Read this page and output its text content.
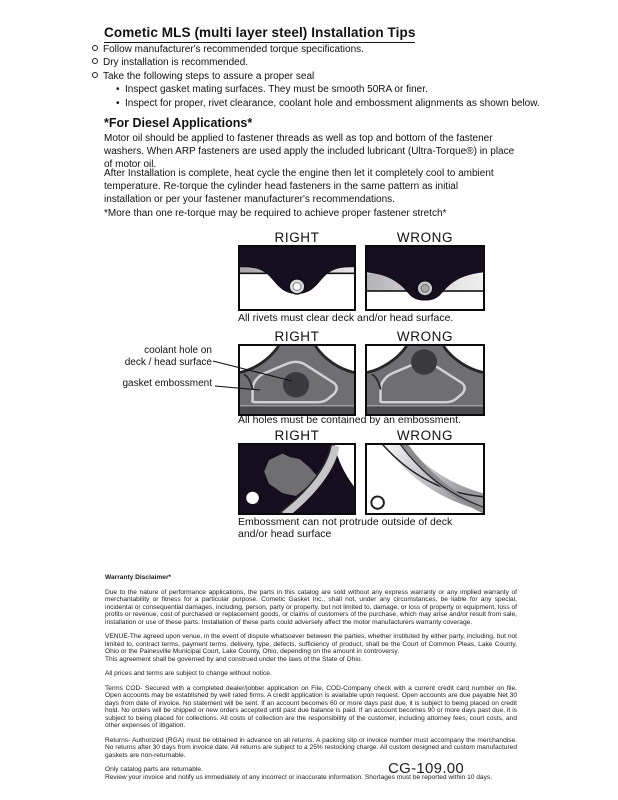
Cometic MLS (multi layer steel) Installation Tips
Follow manufacturer's recommended torque specifications.
Dry installation is recommended.
Take the following steps to assure a proper seal
• Inspect gasket mating surfaces. They must be smooth 50RA or finer.
• Inspect for proper, rivet clearance, coolant hole and embossment alignments as shown below.
*For Diesel Applications*
Motor oil should be applied to fastener threads as well as top and bottom of the fastener washers. When ARP fasteners are used apply the included lubricant (Ultra-Torque®) in place of motor oil.
After Installation is complete, heat cycle the engine then let it completely cool to ambient temperature. Re-torque the cylinder head fasteners in the same pattern as initial installation or per your fastener manufacturer's recommendations.
*More than one re-torque may be required to achieve proper fastener stretch*
RIGHT	WRONG
All rivets must clear deck and/or head surface.
RIGHT	WRONG
coolant hole on
deck / head surface
gasket embossment
All holes must be contained by an embossment.
RIGHT	WRONG
Embossment can not protrude outside of deck
and/or head surface

Warranty Disclaimer*

Due to the nature of performance applications, the parts in this catalog are sold without any express warranty or any implied warranty of merchantability or fitness for a particular purpose. Cometic Gasket Inc., shall not, under any circumstances, be liable for any special, incidental or consequential damages, including, person, party or property, but not limited to, damage, or loss of property or equipment, loss of profits or revenue, cost of purchased or replacement goods, or claims of customers of the purchase, which may arise and/or result from sale, installation or use of these parts. Installation of these parts could adversely affect the motor manufacturers warranty coverage.

VENUE-The agreed upon venue, in the event of dispute whatsoever between the parties, whether instituted by either party, including, but not limited to, contract terms, payment terms, delivery, type, defects, sufficiency of product, shall be the Court of Common Pleas, Lake County, Ohio or the Painesville Municipal Court, Lake County, Ohio, depending on the amount in controversy.

This agreement shall be governed by and construed under the laws of the State of Ohio.

All prices and terms are subject to change without notice.

Terms COD- Secured with a completed dealer/jobber application on File, COD-Company check with a current credit card number on file. Open accounts may be established by well rated firms. A credit application is available upon request. Open accounts are due payable Net 30 days from date of invoice. No statement will be sent. If an account becomes 60 or more days past due, it is subject to being placed on credit hold. No orders will be shipped or new orders accepted until past due balance is paid. If an account becomes 90 or more days past due, it is subject to being placed for collections. All costs of collection are the responsibility of the customer, including attorney fees, court costs, and other expenses of litigation.

Returns- Authorized (RGA) must be obtained in advance on all returns. A packing slip or invoice number must accompany the merchandise. No returns after 30 days from invoice date. All returns are subject to a 25% restocking charge. All custom designed and custom manufactured gaskets are non-returnable.

Only catalog parts are returnable.

Review your invoice and notify us immediately of any incorrect or inaccurate information. Shortages must be reported within 10 days.

CG-109.00
